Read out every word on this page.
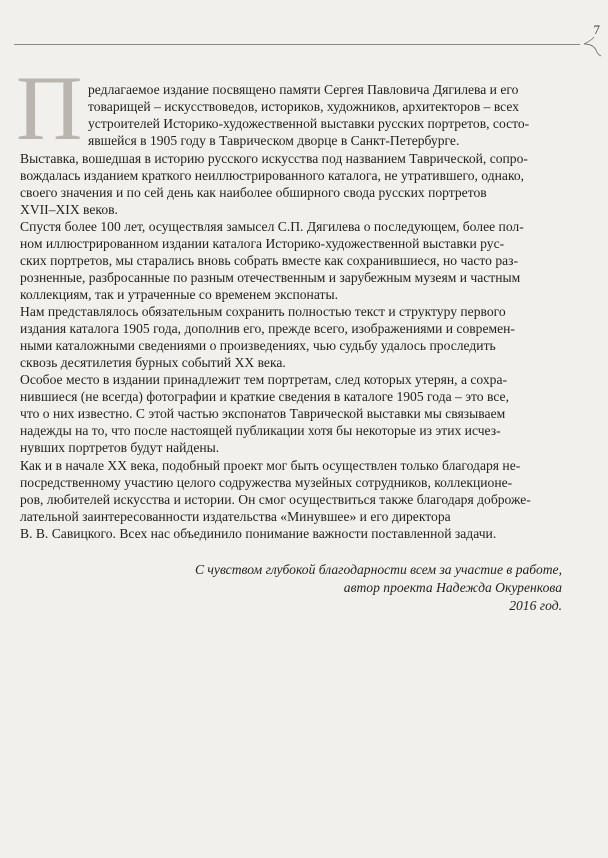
7
П редлагаемое издание посвящено памяти Сергея Павловича Дягилева и его
товарищей – искусствоведов, историков, художников, архитекторов – всех
устроителей Историко-художественной выставки русских портретов, состо-
явшейся в 1905 году в Таврическом дворце в Санкт-Петербурге.
Выставка, вошедшая в историю русского искусства под названием Таврической, сопро-
вождалась изданием краткого неиллюстрированного каталога, не утратившего, однако,
своего значения и по сей день как наиболее обширного свода русских портретов
XVII–XIX веков.
Спустя более 100 лет, осуществляя замысел С.П. Дягилева о последующем, более пол-
ном иллюстрированном издании каталога Историко-художественной выставки рус-
ских портретов, мы старались вновь собрать вместе как сохранившиеся, но часто раз-
розненные, разбросанные по разным отечественным и зарубежным музеям и частным
коллекциям, так и утраченные со временем экспонаты.
Нам представлялось обязательным сохранить полностью текст и структуру первого
издания каталога 1905 года, дополнив его, прежде всего, изображениями и современ-
ными каталожными сведениями о произведениях, чью судьбу удалось проследить
сквозь десятилетия бурных событий XX века.
Особое место в издании принадлежит тем портретам, след которых утерян, а сохра-
нившиеся (не всегда) фотографии и краткие сведения в каталоге 1905 года – это все,
что о них известно. С этой частью экспонатов Таврической выставки мы связываем
надежды на то, что после настоящей публикации хотя бы некоторые из этих исчез-
нувших портретов будут найдены.
Как и в начале XX века, подобный проект мог быть осуществлен только благодаря не-
посредственному участию целого содружества музейных сотрудников, коллекционе-
ров, любителей искусства и истории. Он смог осуществиться также благодаря доброже-
лательной заинтересованности издательства «Минувшее» и его директора
В. В. Савицкого. Всех нас объединило понимание важности поставленной задачи.
С чувством глубокой благодарности всем за участие в работе,
автор проекта Надежда Окуренкова
2016 год.
